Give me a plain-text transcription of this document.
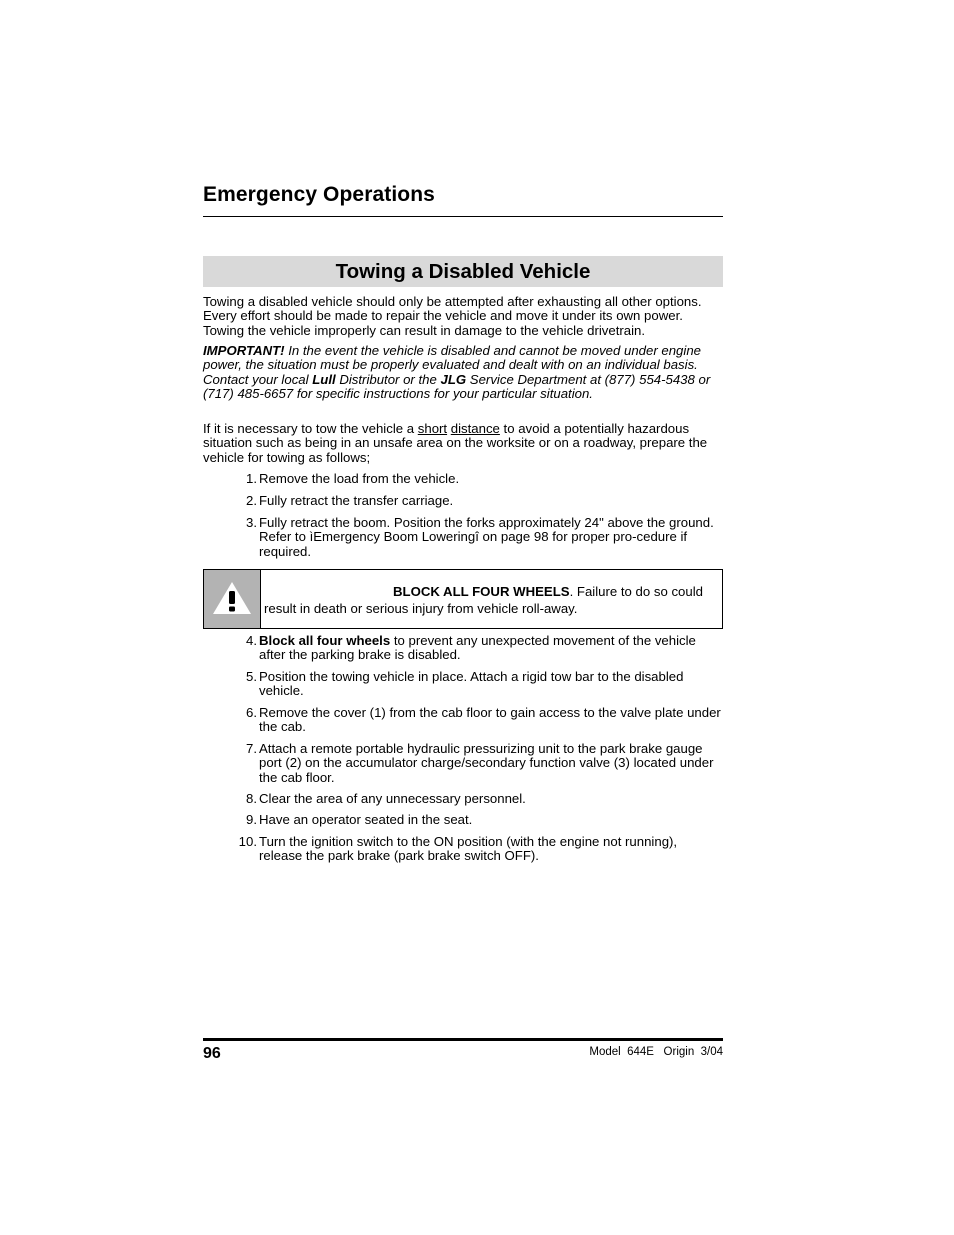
Emergency Operations
Towing a Disabled Vehicle

Towing a disabled vehicle should only be attempted after exhausting all other options. Every effort should be made to repair the vehicle and move it under its own power. Towing the vehicle improperly can result in damage to the vehicle drivetrain.

IMPORTANT! In the event the vehicle is disabled and cannot be moved under engine power, the situation must be properly evaluated and dealt with on an individual basis. Contact your local Lull Distributor or the JLG Service Department at (877) 554-5438 or (717) 485-6657 for specific instructions for your particular situation.

If it is necessary to tow the vehicle a short distance to avoid a potentially hazardous situation such as being in an unsafe area on the worksite or on a roadway, prepare the vehicle for towing as follows;

1. Remove the load from the vehicle.
2. Fully retract the transfer carriage.
3. Fully retract the boom. Position the forks approximately 24" above the ground. Refer to ìEmergency Boom Loweringî on page 98 for proper pro-cedure if required.
BLOCK ALL FOUR WHEELS. Failure to do so could result in death or serious injury from vehicle roll-away.
4. Block all four wheels to prevent any unexpected movement of the vehicle after the parking brake is disabled.
5. Position the towing vehicle in place. Attach a rigid tow bar to the disabled vehicle.
6. Remove the cover (1) from the cab floor to gain access to the valve plate under the cab.
7. Attach a remote portable hydraulic pressurizing unit to the park brake gauge port (2) on the accumulator charge/secondary function valve (3) located under the cab floor.
8. Clear the area of any unnecessary personnel.
9. Have an operator seated in the seat.
10. Turn the ignition switch to the ON position (with the engine not running), release the park brake (park brake switch OFF).
96	Model  644E   Origin  3/04
